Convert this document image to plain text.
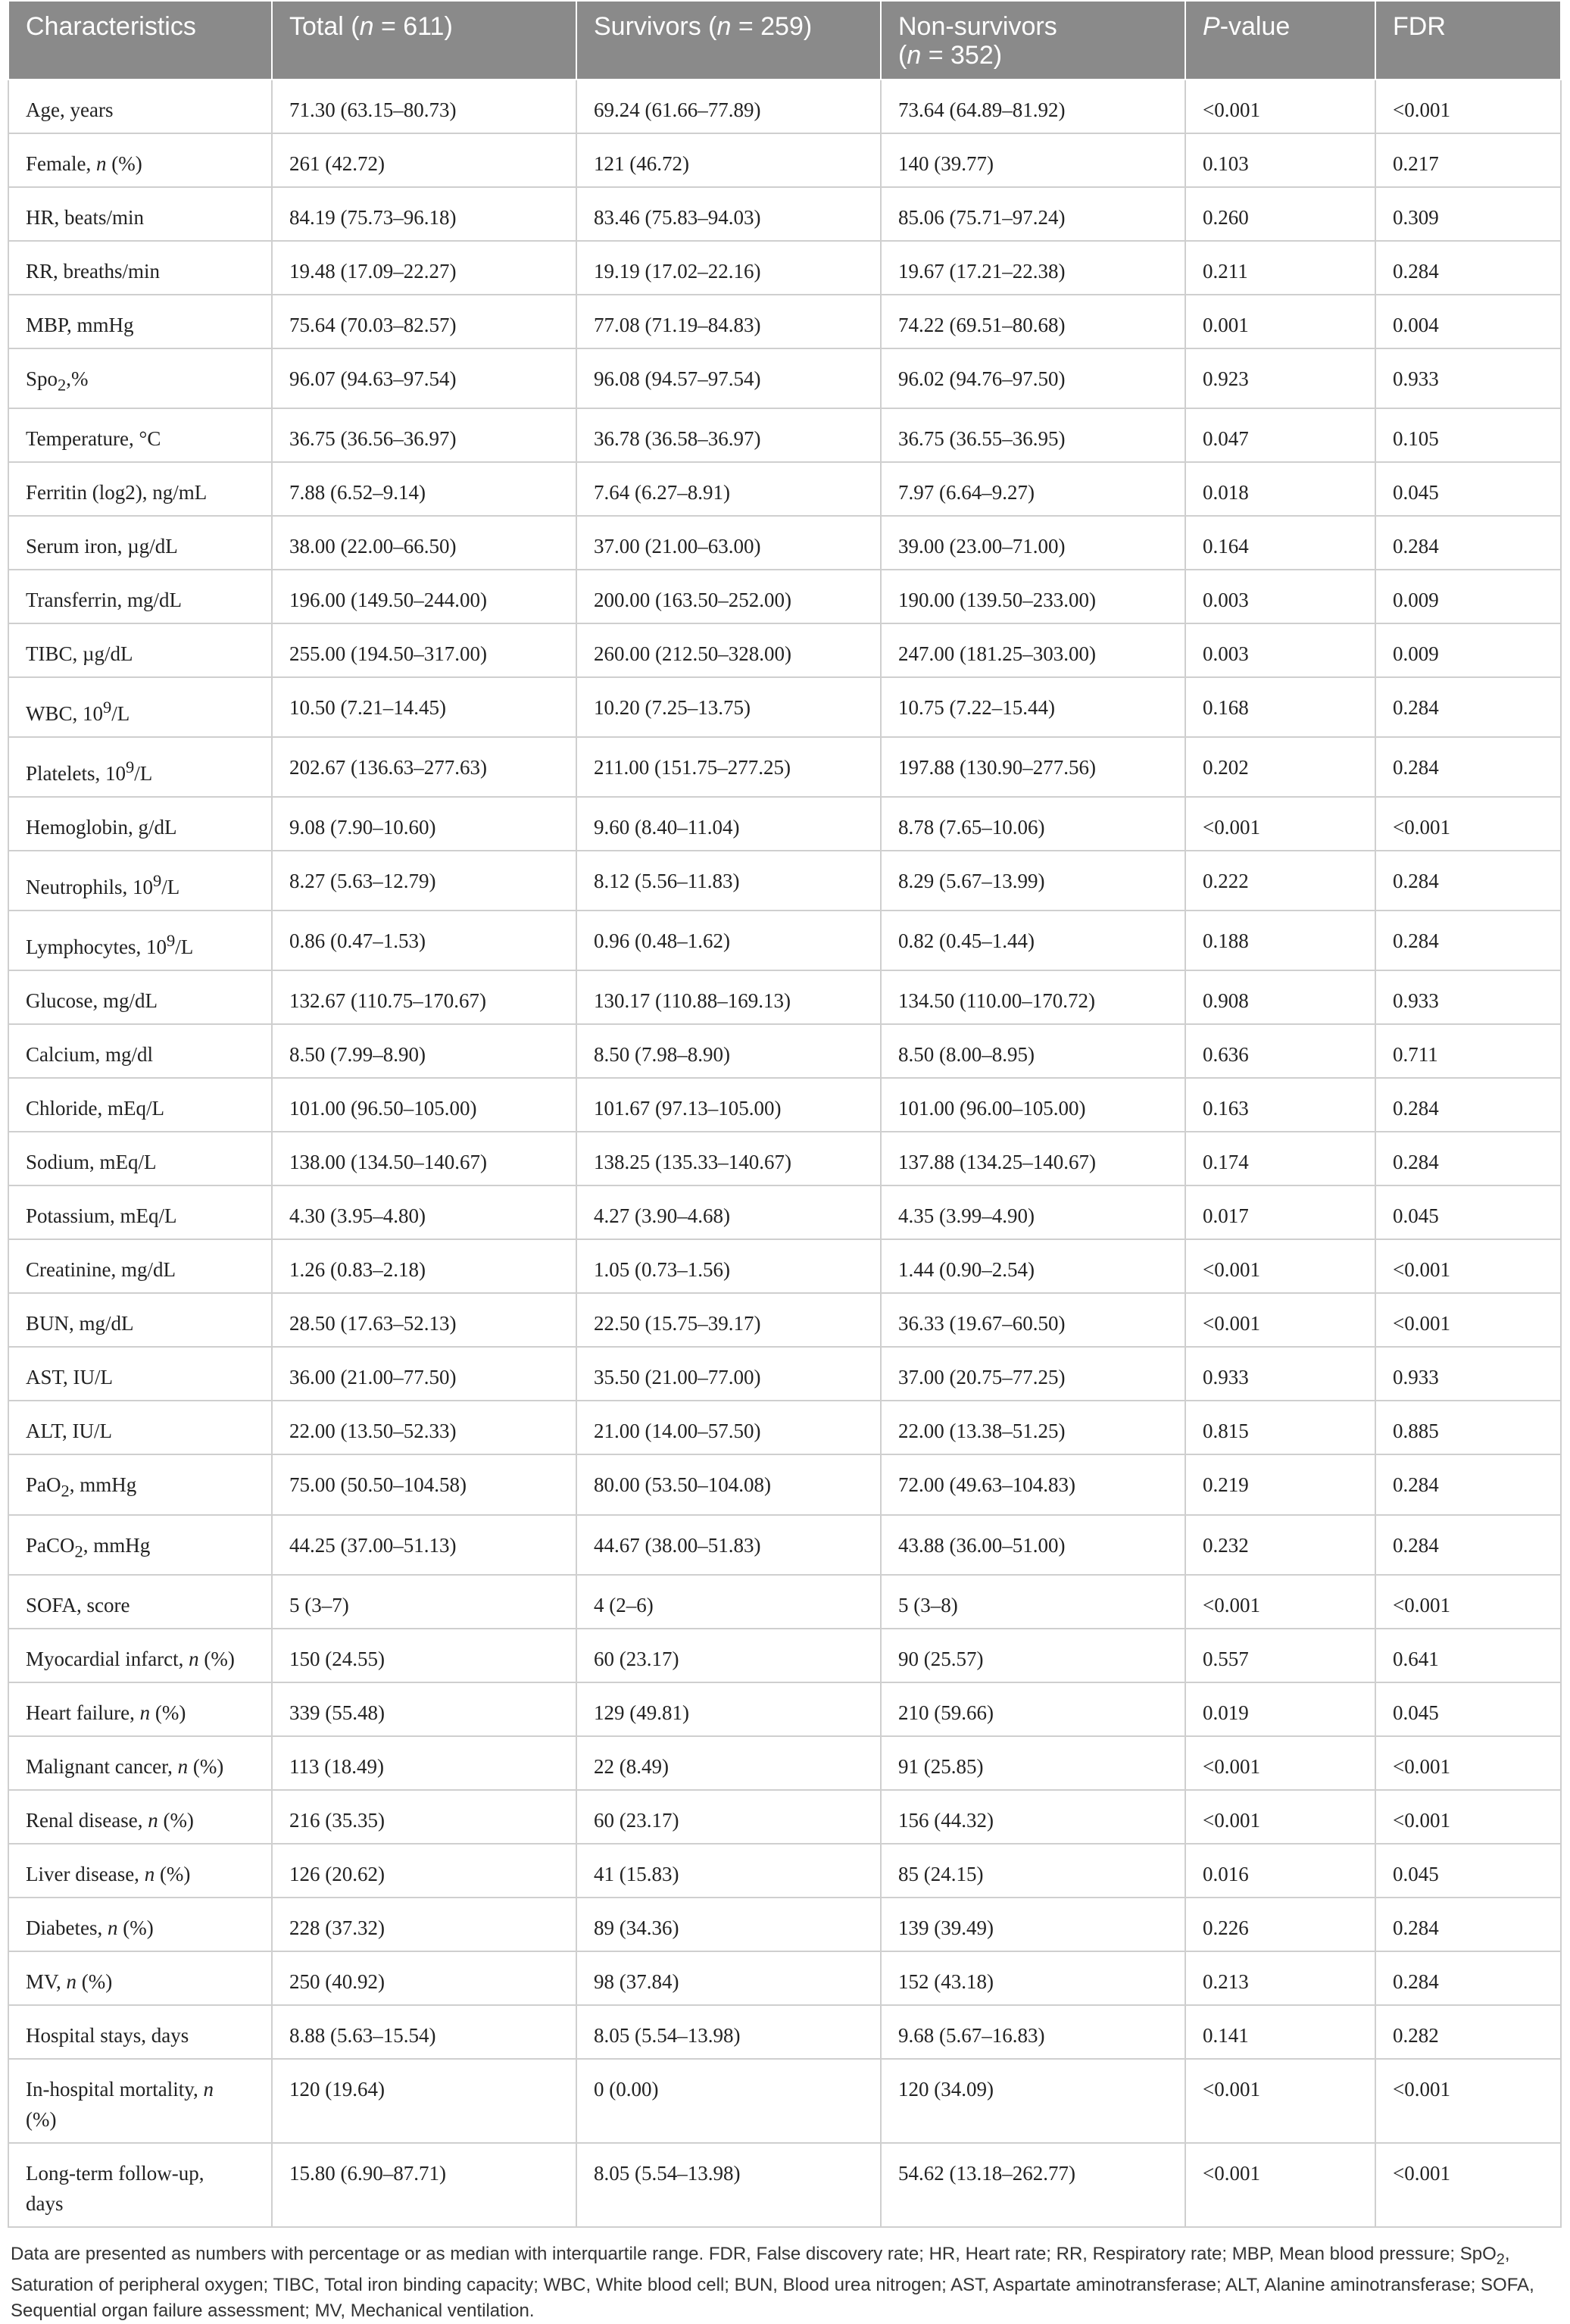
Characteristics	Total (n = 611)	Survivors (n = 259)	Non-survivors
(n = 352)	P-value	FDR
Age, years	71.30 (63.15–80.73)	69.24 (61.66–77.89)	73.64 (64.89–81.92)	<0.001	<0.001
Female, n (%)	261 (42.72)	121 (46.72)	140 (39.77)	0.103	0.217
HR, beats/min	84.19 (75.73–96.18)	83.46 (75.83–94.03)	85.06 (75.71–97.24)	0.260	0.309
RR, breaths/min	19.48 (17.09–22.27)	19.19 (17.02–22.16)	19.67 (17.21–22.38)	0.211	0.284
MBP, mmHg	75.64 (70.03–82.57)	77.08 (71.19–84.83)	74.22 (69.51–80.68)	0.001	0.004
Spo$_2$,%	96.07 (94.63–97.54)	96.08 (94.57–97.54)	96.02 (94.76–97.50)	0.923	0.933
Temperature, °C	36.75 (36.56–36.97)	36.78 (36.58–36.97)	36.75 (36.55–36.95)	0.047	0.105
Ferritin (log2), ng/mL	7.88 (6.52–9.14)	7.64 (6.27–8.91)	7.97 (6.64–9.27)	0.018	0.045
Serum iron, µg/dL	38.00 (22.00–66.50)	37.00 (21.00–63.00)	39.00 (23.00–71.00)	0.164	0.284
Transferrin, mg/dL	196.00 (149.50–244.00)	200.00 (163.50–252.00)	190.00 (139.50–233.00)	0.003	0.009
TIBC, µg/dL	255.00 (194.50–317.00)	260.00 (212.50–328.00)	247.00 (181.25–303.00)	0.003	0.009
WBC, $10^9/L$	10.50 (7.21–14.45)	10.20 (7.25–13.75)	10.75 (7.22–15.44)	0.168	0.284
Platelets, $10^9/L$	202.67 (136.63–277.63)	211.00 (151.75–277.25)	197.88 (130.90–277.56)	0.202	0.284
Hemoglobin, g/dL	9.08 (7.90–10.60)	9.60 (8.40–11.04)	8.78 (7.65–10.06)	<0.001	<0.001
Neutrophils, $10^9/L$	8.27 (5.63–12.79)	8.12 (5.56–11.83)	8.29 (5.67–13.99)	0.222	0.284
Lymphocytes, $10^9/L$	0.86 (0.47–1.53)	0.96 (0.48–1.62)	0.82 (0.45–1.44)	0.188	0.284
Glucose, mg/dL	132.67 (110.75–170.67)	130.17 (110.88–169.13)	134.50 (110.00–170.72)	0.908	0.933
Calcium, mg/dl	8.50 (7.99–8.90)	8.50 (7.98–8.90)	8.50 (8.00–8.95)	0.636	0.711
Chloride, mEq/L	101.00 (96.50–105.00)	101.67 (97.13–105.00)	101.00 (96.00–105.00)	0.163	0.284
Sodium, mEq/L	138.00 (134.50–140.67)	138.25 (135.33–140.67)	137.88 (134.25–140.67)	0.174	0.284
Potassium, mEq/L	4.30 (3.95–4.80)	4.27 (3.90–4.68)	4.35 (3.99–4.90)	0.017	0.045
Creatinine, mg/dL	1.26 (0.83–2.18)	1.05 (0.73–1.56)	1.44 (0.90–2.54)	<0.001	<0.001
BUN, mg/dL	28.50 (17.63–52.13)	22.50 (15.75–39.17)	36.33 (19.67–60.50)	<0.001	<0.001
AST, IU/L	36.00 (21.00–77.50)	35.50 (21.00–77.00)	37.00 (20.75–77.25)	0.933	0.933
ALT, IU/L	22.00 (13.50–52.33)	21.00 (14.00–57.50)	22.00 (13.38–51.25)	0.815	0.885
PaO$_2$, mmHg	75.00 (50.50–104.58)	80.00 (53.50–104.08)	72.00 (49.63–104.83)	0.219	0.284
PaCO$_2$, mmHg	44.25 (37.00–51.13)	44.67 (38.00–51.83)	43.88 (36.00–51.00)	0.232	0.284
SOFA, score	5 (3–7)	4 (2–6)	5 (3–8)	<0.001	<0.001
Myocardial infarct, n (%)	150 (24.55)	60 (23.17)	90 (25.57)	0.557	0.641
Heart failure, n (%)	339 (55.48)	129 (49.81)	210 (59.66)	0.019	0.045
Malignant cancer, n (%)	113 (18.49)	22 (8.49)	91 (25.85)	<0.001	<0.001
Renal disease, n (%)	216 (35.35)	60 (23.17)	156 (44.32)	<0.001	<0.001
Liver disease, n (%)	126 (20.62)	41 (15.83)	85 (24.15)	0.016	0.045
Diabetes, n (%)	228 (37.32)	89 (34.36)	139 (39.49)	0.226	0.284
MV, n (%)	250 (40.92)	98 (37.84)	152 (43.18)	0.213	0.284
Hospital stays, days	8.88 (5.63–15.54)	8.05 (5.54–13.98)	9.68 (5.67–16.83)	0.141	0.282
In-hospital mortality, n
(%)	120 (19.64)	0 (0.00)	120 (34.09)	<0.001	<0.001
Long-term follow-up,
days	15.80 (6.90–87.71)	8.05 (5.54–13.98)	54.62 (13.18–262.77)	<0.001	<0.001
Data are presented as numbers with percentage or as median with interquartile range. FDR, False discovery rate; HR, Heart rate; RR, Respiratory rate; MBP, Mean blood pressure; SpO$_2$, Saturation of peripheral oxygen; TIBC, Total iron binding capacity; WBC, White blood cell; BUN, Blood urea nitrogen; AST, Aspartate aminotransferase; ALT, Alanine aminotransferase; SOFA, Sequential organ failure assessment; MV, Mechanical ventilation.
